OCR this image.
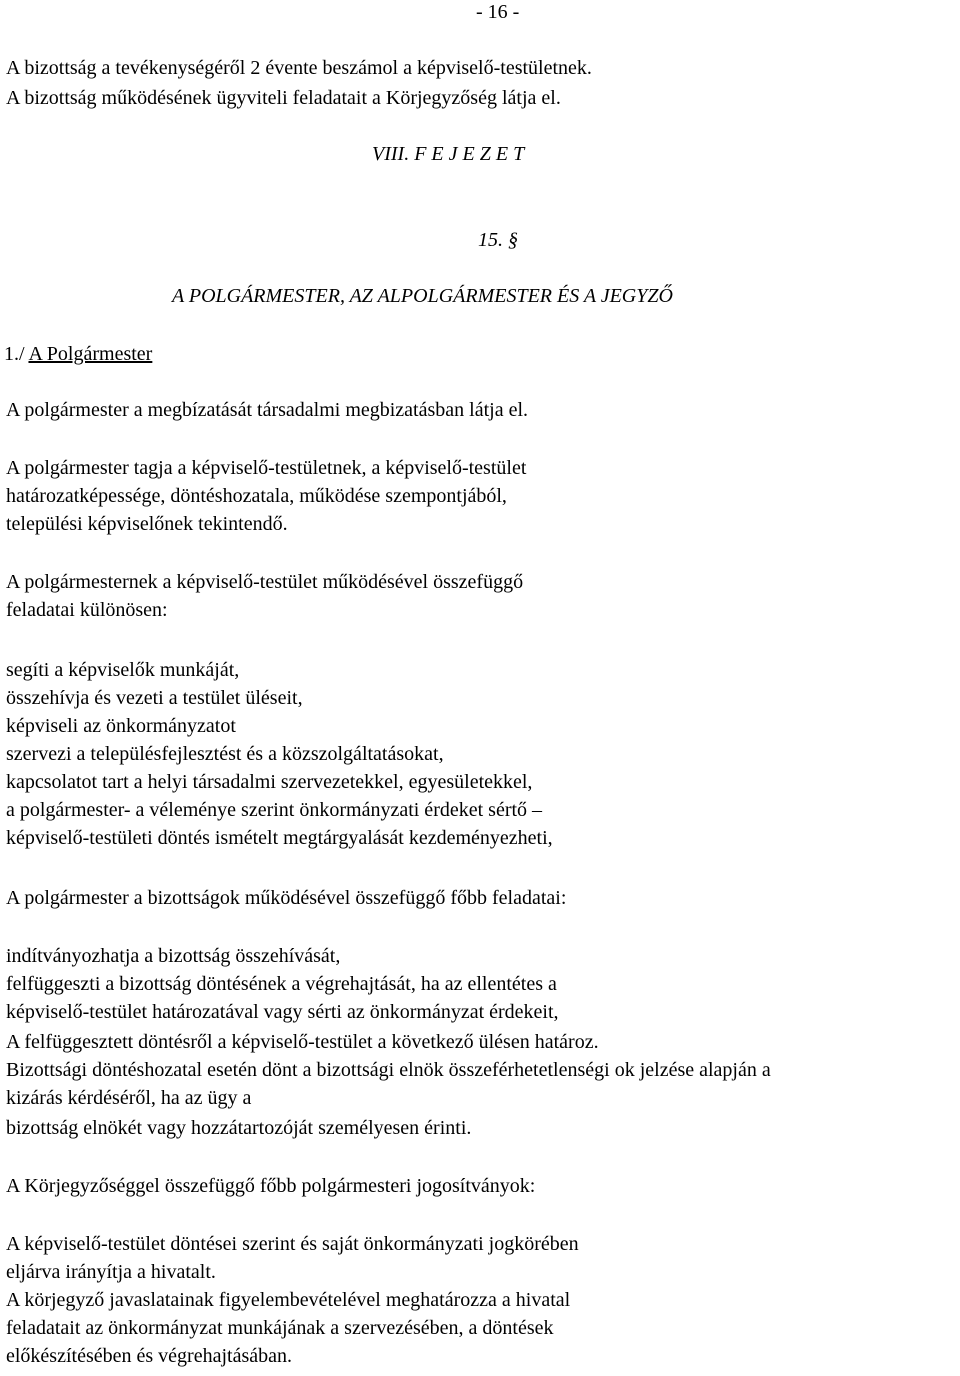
- 16 -
A bizottság a tevékenységéről 2 évente beszámol a képviselő-testületnek.
A bizottság működésének ügyviteli feladatait a Körjegyzőség látja el.
VIII. F E J E Z E T
15. §
A POLGÁRMESTER, AZ ALPOLGÁRMESTER ÉS A JEGYZŐ
1./ A Polgármester
A polgármester a megbízatását társadalmi megbizatásban látja el.
A polgármester tagja a képviselő-testületnek, a képviselő-testület
határozatképessége, döntéshozatala, működése szempontjából,
települési képviselőnek tekintendő.
A polgármesternek a képviselő-testület működésével összefüggő
feladatai különösen:
segíti a képviselők munkáját,
összehívja és vezeti a testület üléseit,
képviseli az önkormányzatot
szervezi a településfejlesztést és a közszolgáltatásokat,
kapcsolatot tart a helyi társadalmi szervezetekkel, egyesületekkel,
a polgármester- a véleménye szerint önkormányzati érdeket sértő –
képviselő-testületi döntés ismételt megtárgyalását kezdeményezheti,
A polgármester a bizottságok működésével összefüggő főbb feladatai:
indítványozhatja a bizottság összehívását,
felfüggeszti a bizottság döntésének a végrehajtását, ha az ellentétes a
képviselő-testület határozatával vagy sérti az önkormányzat érdekeit,
A felfüggesztett döntésről a képviselő-testület a következő ülésen határoz.
Bizottsági döntéshozatal esetén dönt a bizottsági elnök összeférhetetlenségi ok jelzése alapján a
kizárás kérdéséről, ha az ügy a
bizottság elnökét vagy hozzátartozóját személyesen érinti.
A Körjegyzőséggel összefüggő főbb polgármesteri jogosítványok:
A képviselő-testület döntései szerint és saját önkormányzati jogkörében
eljárva irányítja a hivatalt.
A körjegyző javaslatainak figyelembevételével meghatározza a hivatal
feladatait az önkormányzat munkájának a szervezésében, a döntések
előkészítésében és végrehajtásában.
